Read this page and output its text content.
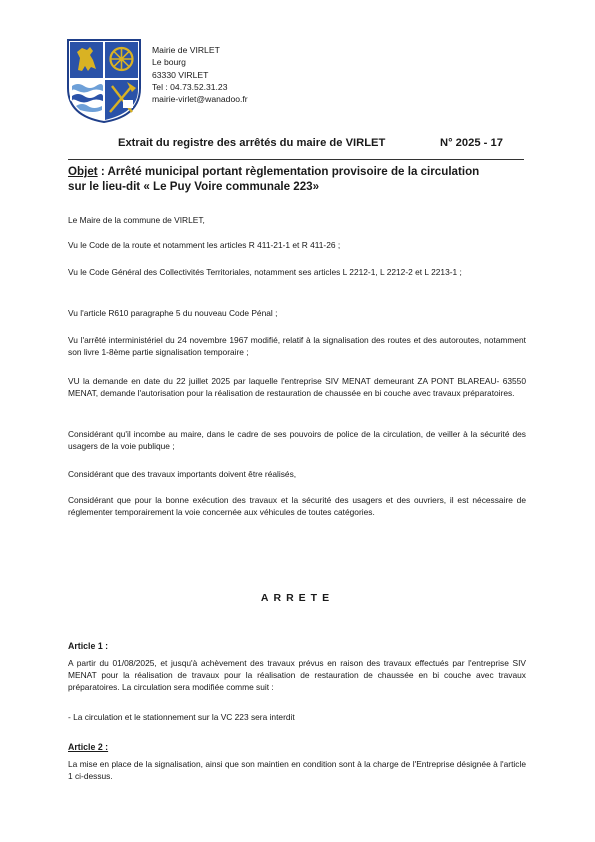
Mairie de VIRLET
Le bourg
63330 VIRLET
Tel : 04.73.52.31.23
mairie-virlet@wanadoo.fr
Extrait du registre des arrêtés du maire de VIRLET	N° 2025 - 17
Objet : Arrêté municipal portant règlementation provisoire de la circulation sur le lieu-dit « Le Puy Voire communale 223»
Le Maire de la commune de VIRLET,
Vu le Code de la route et notamment les articles R 411-21-1 et R 411-26 ;
Vu le Code Général des Collectivités Territoriales, notamment ses articles L 2212-1, L 2212-2 et L 2213-1 ;
Vu l'article R610 paragraphe 5 du nouveau Code Pénal ;
Vu l'arrêté interministériel du 24 novembre 1967 modifié, relatif à la signalisation des routes et des autoroutes, notamment son livre 1-8ème partie signalisation temporaire ;
VU la demande en date du 22 juillet 2025 par laquelle l'entreprise SIV MENAT demeurant ZA PONT BLAREAU- 63550 MENAT, demande l'autorisation pour la réalisation de restauration de chaussée en bi couche avec travaux préparatoires.
Considérant qu'il incombe au maire, dans le cadre de ses pouvoirs de police de la circulation, de veiller à la sécurité des usagers de la voie publique ;
Considérant que des travaux importants doivent être réalisés,
Considérant que pour la bonne exécution des travaux et la sécurité des usagers et des ouvriers, il est nécessaire de réglementer temporairement la voie concernée aux véhicules de toutes catégories.
ARRETE
Article 1 :
A partir du 01/08/2025, et jusqu'à achèvement des travaux prévus en raison des travaux effectués par l'entreprise SIV MENAT pour la réalisation de travaux pour la réalisation de restauration de chaussée en bi couche avec travaux préparatoires. La circulation sera modifiée comme suit :
- La circulation et le stationnement sur la VC 223 sera interdit
Article 2 :
La mise en place de la signalisation, ainsi que son maintien en condition sont à la charge de l'Entreprise désignée à l'article 1 ci-dessus.
